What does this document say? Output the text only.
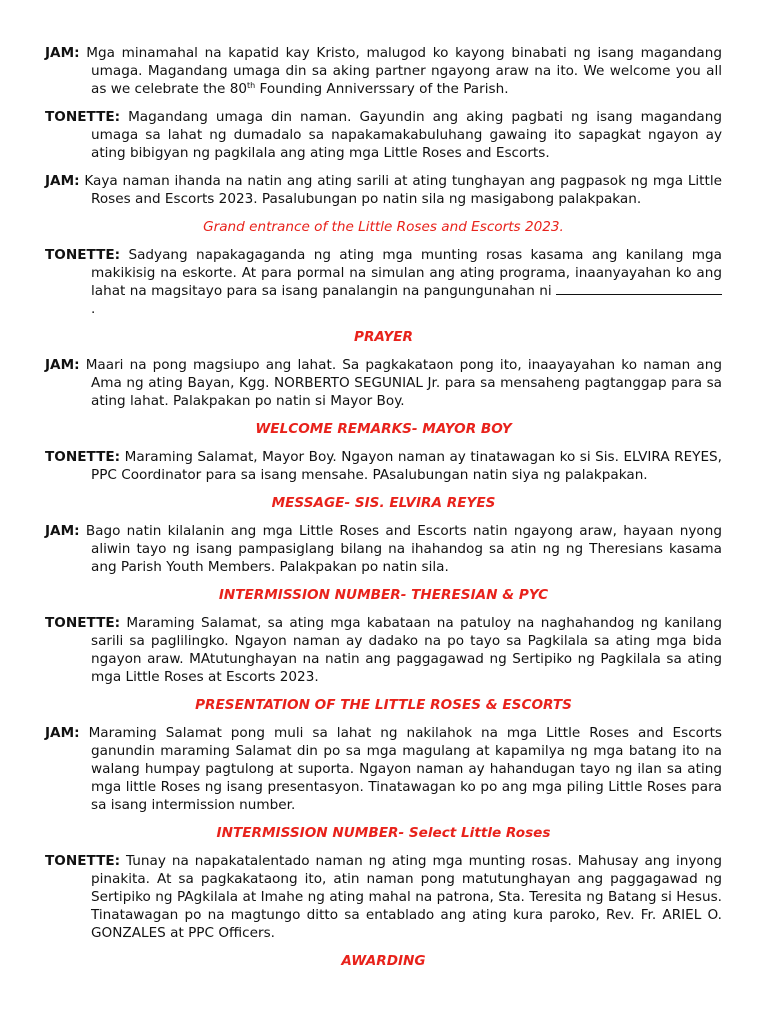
JAM: Mga minamahal na kapatid kay Kristo, malugod ko kayong binabati ng isang magandang umaga. Magandang umaga din sa aking partner ngayong araw na ito. We welcome you all as we celebrate the 80th Founding Anniverssary of the Parish.

TONETTE: Magandang umaga din naman. Gayundin ang aking pagbati ng isang magandang umaga sa lahat ng dumadalo sa napakamakabuluhang gawaing ito sapagkat ngayon ay ating bibigyan ng pagkilala ang ating mga Little Roses and Escorts.

JAM: Kaya naman ihanda na natin ang ating sarili at ating tunghayan ang pagpasok ng mga Little Roses and Escorts 2023. Pasalubungan po natin sila ng masigabong palakpakan.

Grand entrance of the Little Roses and Escorts 2023.

TONETTE: Sadyang napakagaganda ng ating mga munting rosas kasama ang kanilang mga makikisig na eskorte. At para pormal na simulan ang ating programa, inaanyayahan ko ang lahat na magsitayo para sa isang panalangin na pangungunahan ni .

PRAYER

JAM: Maari na pong magsiupo ang lahat. Sa pagkakataon pong ito, inaayayahan ko naman ang Ama ng ating Bayan, Kgg. NORBERTO SEGUNIAL Jr. para sa mensaheng pagtanggap para sa ating lahat. Palakpakan po natin si Mayor Boy.

WELCOME REMARKS- MAYOR BOY

TONETTE: Maraming Salamat, Mayor Boy. Ngayon naman ay tinatawagan ko si Sis. ELVIRA REYES, PPC Coordinator para sa isang mensahe. PAsalubungan natin siya ng palakpakan.

MESSAGE- SIS. ELVIRA REYES

JAM: Bago natin kilalanin ang mga Little Roses and Escorts natin ngayong araw, hayaan nyong aliwin tayo ng isang pampasiglang bilang na ihahandog sa atin ng ng Theresians kasama ang Parish Youth Members. Palakpakan po natin sila.

INTERMISSION NUMBER- THERESIAN & PYC

TONETTE: Maraming Salamat, sa ating mga kabataan na patuloy na naghahandog ng kanilang sarili sa paglilingko. Ngayon naman ay dadako na po tayo sa Pagkilala sa ating mga bida ngayon araw. MAtutunghayan na natin ang paggagawad ng Sertipiko ng Pagkilala sa ating mga Little Roses at Escorts 2023.

PRESENTATION OF THE LITTLE ROSES & ESCORTS

JAM: Maraming Salamat pong muli sa lahat ng nakilahok na mga Little Roses and Escorts ganundin maraming Salamat din po sa mga magulang at kapamilya ng mga batang ito na walang humpay pagtulong at suporta. Ngayon naman ay hahandugan tayo ng ilan sa ating mga little Roses ng isang presentasyon. Tinatawagan ko po ang mga piling Little Roses para sa isang intermission number.

INTERMISSION NUMBER- Select Little Roses

TONETTE: Tunay na napakatalentado naman ng ating mga munting rosas. Mahusay ang inyong pinakita. At sa pagkakataong ito, atin naman pong matutunghayan ang paggagawad ng Sertipiko ng PAgkilala at Imahe ng ating mahal na patrona, Sta. Teresita ng Batang si Hesus. Tinatawagan po na magtungo ditto sa entablado ang ating kura paroko, Rev. Fr. ARIEL O. GONZALES at PPC Officers.

AWARDING
